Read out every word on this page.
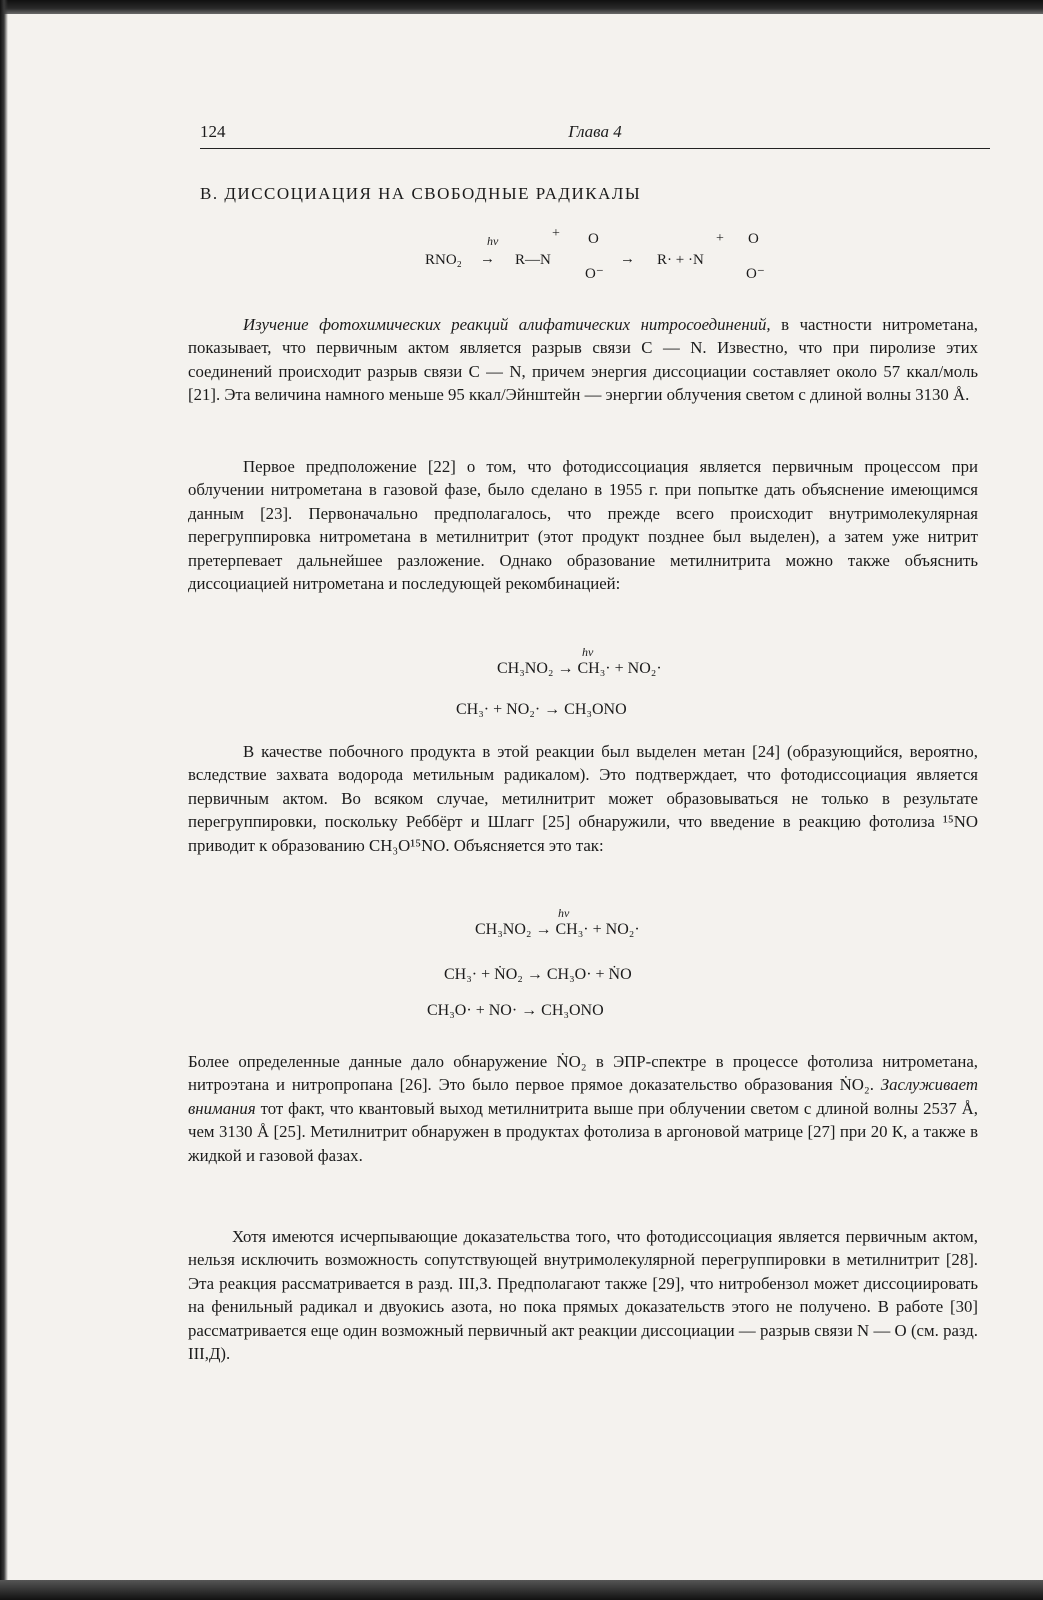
124	Глава 4
В. ДИССОЦИАЦИЯ НА СВОБОДНЫЕ РАДИКАЛЫ
RNO₂
hv
→ R—N
+ O
O⁻
→ R· + ·N
+ O
O⁻

Изучение фотохимических реакций алифатических нитросоединений, в частности нитрометана, показывает, что первичным актом является разрыв связи C — N. Известно, что при пиролизе этих соединений происходит разрыв связи C — N, причем энергия диссоциации составляет около 57 ккал/моль [21]. Эта величина намного меньше 95 ккал/Эйнштейн — энергии облучения светом с длиной волны 3130 Å.

Первое предположение [22] о том, что фотодиссоциация является первичным процессом при облучении нитрометана в газовой фазе, было сделано в 1955 г. при попытке дать объяснение имеющимся данным [23]. Первоначально предполагалось, что прежде всего происходит внутримолекулярная перегруппировка нитрометана в метилнитрит (этот продукт позднее был выделен), а затем уже нитрит претерпевает дальнейшее разложение. Однако образование метилнитрита можно также объяснить диссоциацией нитрометана и последующей рекомбинацией:

hv
CH₃NO₂ → CH₃· + NO₂·
CH₃· + NO₂· → CH₃ONO

В качестве побочного продукта в этой реакции был выделен метан [24] (образующийся, вероятно, вследствие захвата водорода метильным радикалом). Это подтверждает, что фотодиссоциация является первичным актом. Во всяком случае, метилнитрит может образовываться не только в результате перегруппировки, поскольку Реббёрт и Шлагг [25] обнаружили, что введение в реакцию фотолиза ¹⁵NO приводит к образованию CH₃O¹⁵NO. Объясняется это так:

hv
CH₃NO₂ → CH₃· + NO₂·
CH₃· + ṄO₂ → CH₃O· + ṄO
CH₃O· + NO· → CH₃ONO

Более определенные данные дало обнаружение ṄO₂ в ЭПР-спектре в процессе фотолиза нитрометана, нитроэтана и нитропропана [26]. Это было первое прямое доказательство образования ṄO₂. Заслуживает внимания тот факт, что квантовый выход метилнитрита выше при облучении светом с длиной волны 2537 Å, чем 3130 Å [25]. Метилнитрит обнаружен в продуктах фотолиза в аргоновой матрице [27] при 20 К, а также в жидкой и газовой фазах.

Хотя имеются исчерпывающие доказательства того, что фотодиссоциация является первичным актом, нельзя исключить возможность сопутствующей внутримолекулярной перегруппировки в метилнитрит [28]. Эта реакция рассматривается в разд. III,З. Предполагают также [29], что нитробензол может диссоциировать на фенильный радикал и двуокись азота, но пока прямых доказательств этого не получено. В работе [30] рассматривается еще один возможный первичный акт реакции диссоциации — разрыв связи N — O (см. разд. III,Д).
